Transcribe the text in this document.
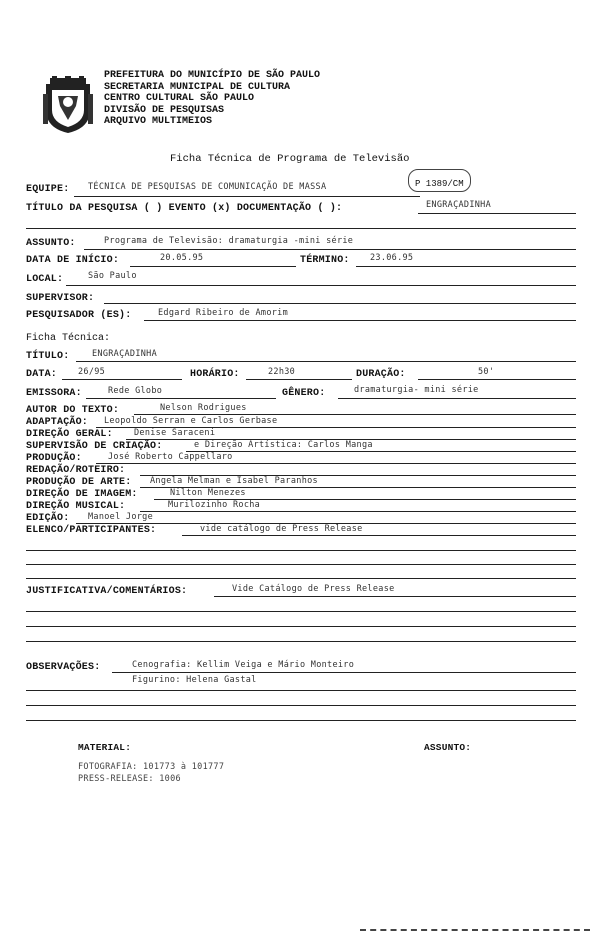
PREFEITURA DO MUNICÍPIO DE SÃO PAULO
SECRETARIA MUNICIPAL DE CULTURA
CENTRO CULTURAL SÃO PAULO
DIVISÃO DE PESQUISAS
ARQUIVO MULTIMEIOS
Ficha Técnica de Programa de Televisão
P 1389/CM
EQUIPE: TÉCNICA DE PESQUISAS DE COMUNICAÇÃO DE MASSA
TÍTULO DA PESQUISA ( ) EVENTO (x) DOCUMENTAÇÃO ( ):	ENGRAÇADINHA
ASSUNTO:	Programa de Televisão: dramaturgia -mini série
DATA DE INÍCIO:	20.05.95	TÉRMINO: 23.06.95
LOCAL:	São Paulo
SUPERVISOR:
PESQUISADOR (ES):	Edgard Ribeiro de Amorim
Ficha Técnica:
TÍTULO:	ENGRAÇADINHA
DATA: 26/95	HORÁRIO:	22h30	DURAÇÃO:	50'
EMISSORA:	Rede Globo	GÊNERO:	dramaturgia- mini série
AUTOR DO TEXTO:	Nelson Rodrigues
ADAPTAÇÃO: Leopoldo Serran e Carlos Gerbase
DIREÇÃO GERAL: Denise Saraceni
SUPERVISÃO DE CRIAÇÃO:	e Direção Artística: Carlos Manga
PRODUÇÃO:	José Roberto Cappellaro
REDAÇÃO/ROTEIRO:
PRODUÇÃO DE ARTE: Angela Melman e Isabel Paranhos
DIREÇÃO DE IMAGEM:	Nilton Menezes
DIREÇÃO MUSICAL:	Murilozinho Rocha
EDIÇÃO: Manoel Jorge
ELENCO/PARTICIPANTES:	vide catálogo de Press Release
JUSTIFICATIVA/COMENTÁRIOS:	Vide Catálogo de Press Release
OBSERVAÇÕES:	Cenografia: Kellim Veiga e Mário Monteiro
Figurino: Helena Gastal
MATERIAL:	ASSUNTO:
FOTOGRAFIA: 101773 à 101777
PRESS-RELEASE: 1006
